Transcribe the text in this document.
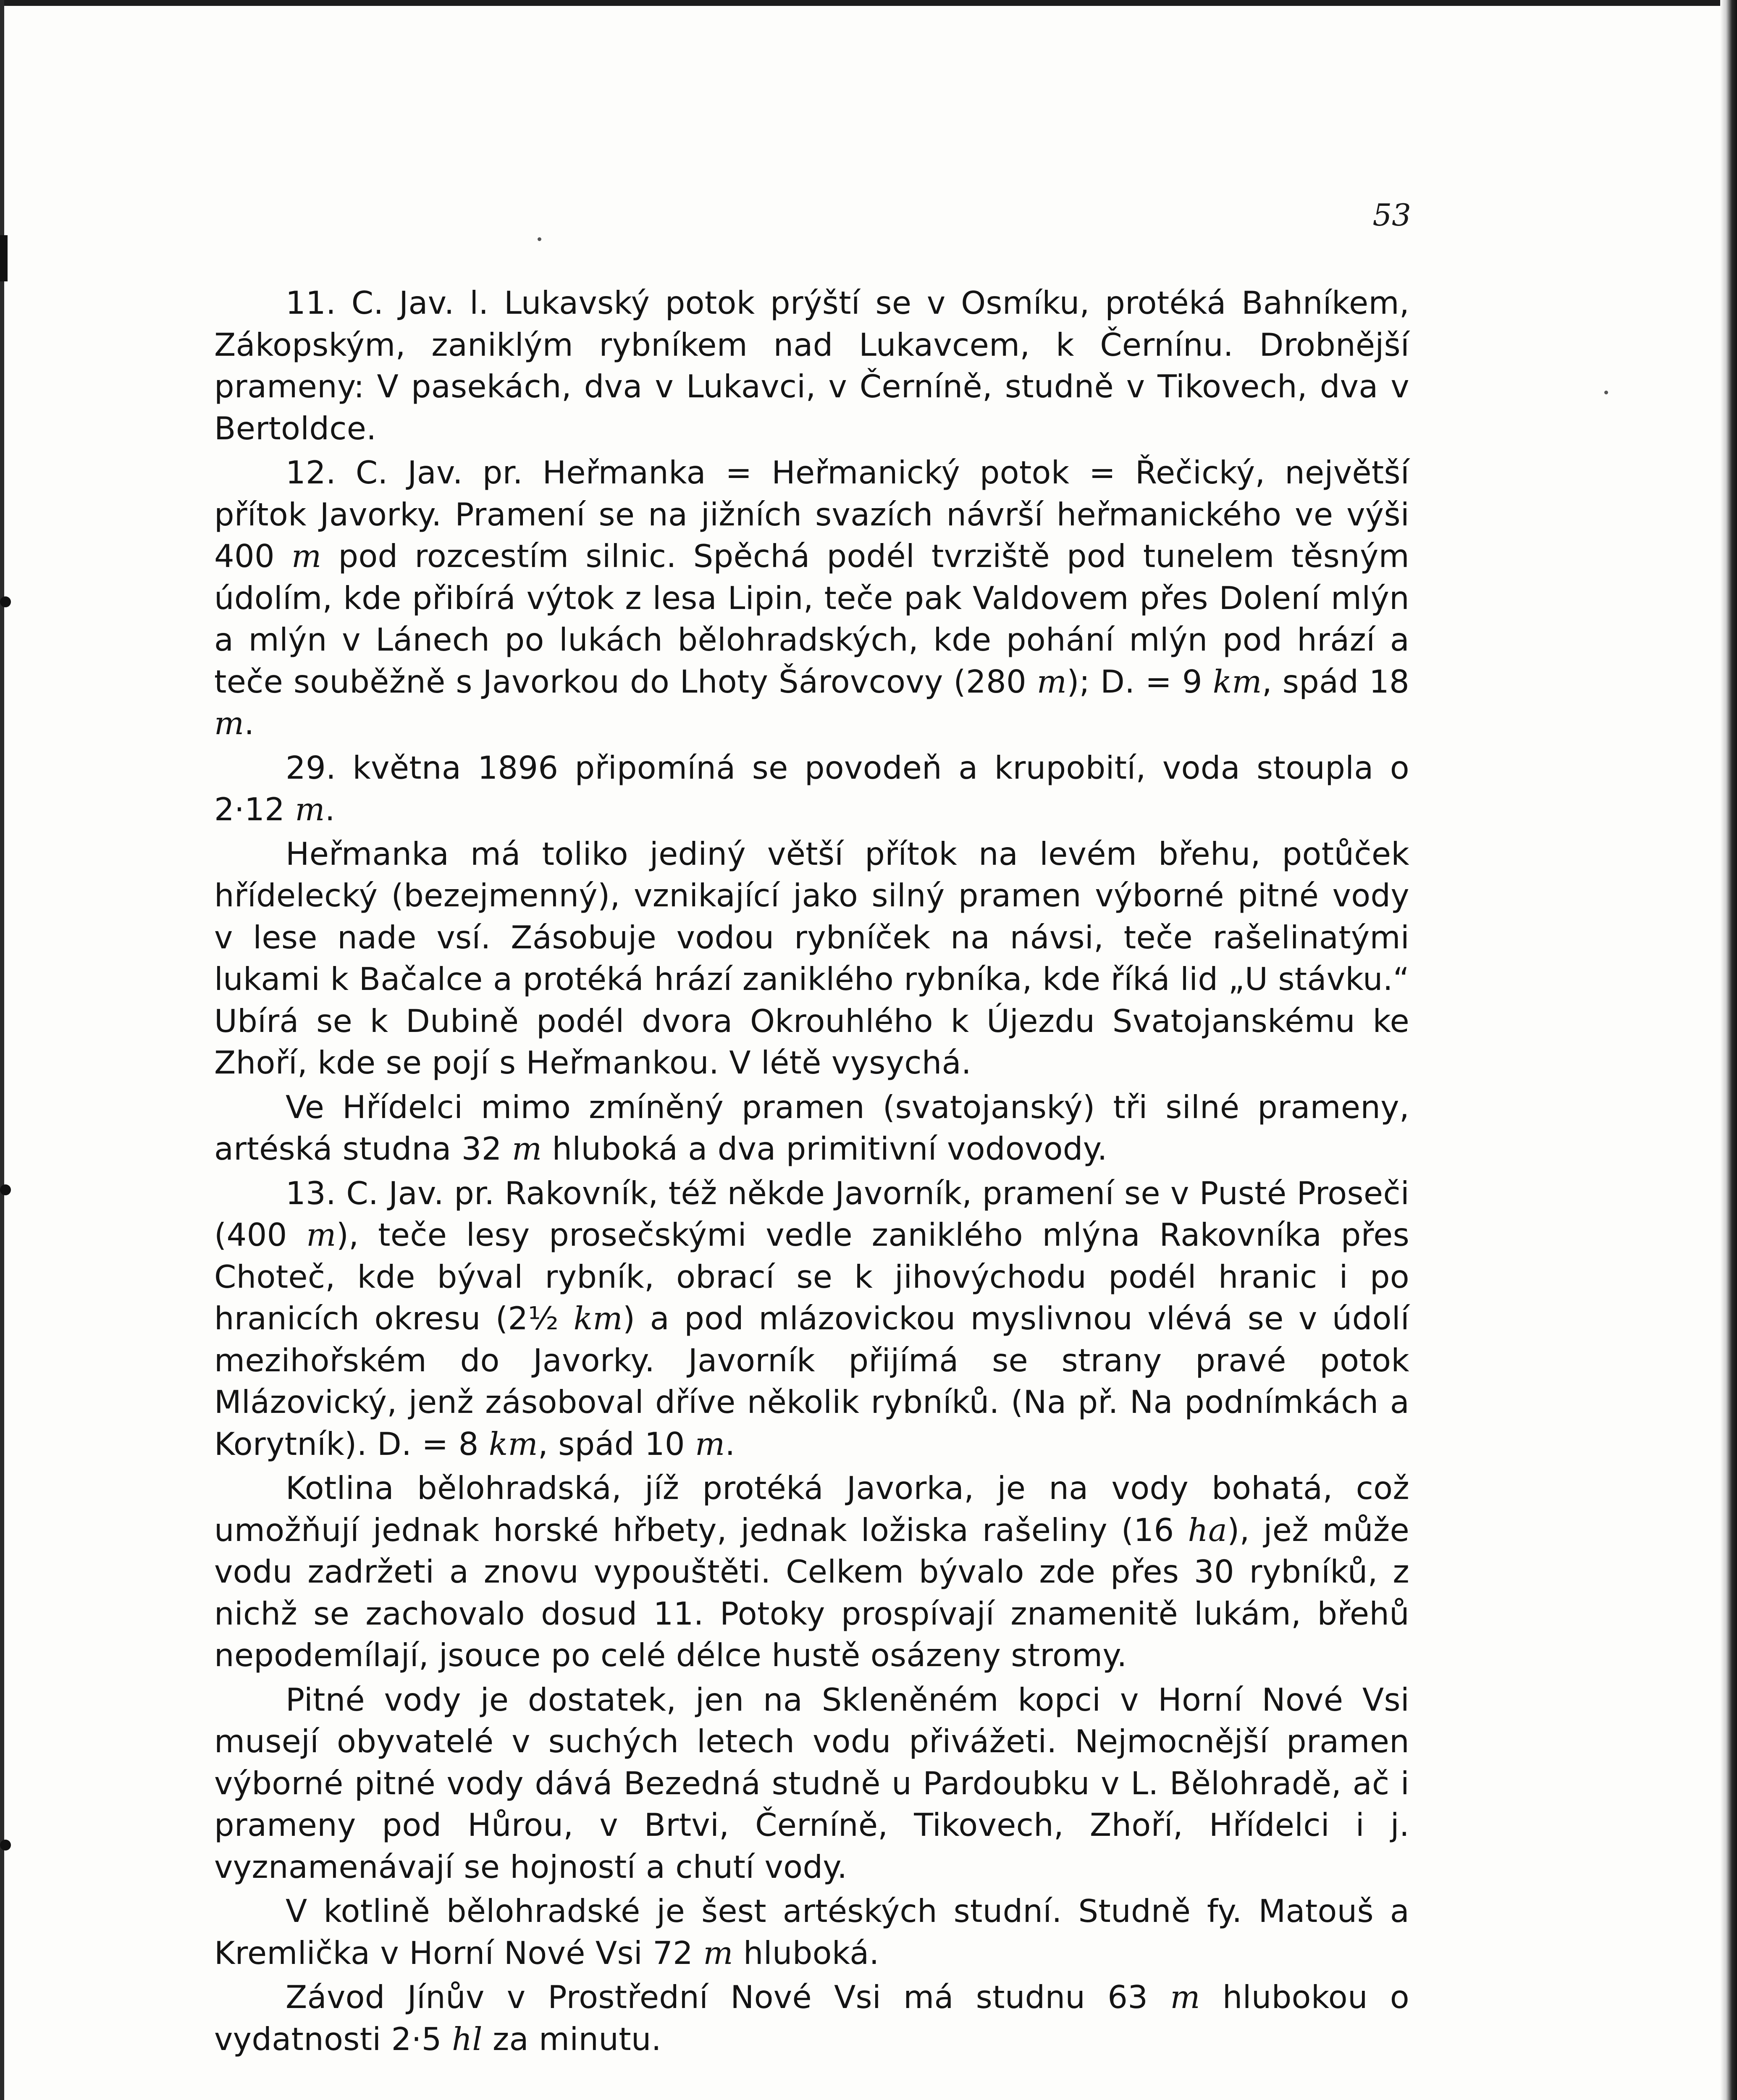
53

11. C. Jav. l. Lukavský potok prýští se v Osmíku, protéká Bahníkem, Zákopským, zaniklým rybníkem nad Lukavcem, k Černínu. Drobnější prameny: V pasekách, dva v Lukavci, v Černíně, studně v Tikovech, dva v Bertoldce.

12. C. Jav. pr. Heřmanka = Heřmanický potok = Řečický, největší přítok Javorky. Pramení se na jižních svazích návrší heřmanického ve výši 400 m pod rozcestím silnic. Spěchá podél tvrziště pod tunelem těsným údolím, kde přibírá výtok z lesa Lipin, teče pak Valdovem přes Dolení mlýn a mlýn v Lánech po lukách bělohradských, kde pohání mlýn pod hrází a teče souběžně s Javorkou do Lhoty Šárovcovy (280 m); D. = 9 km, spád 18 m.

29. května 1896 připomíná se povodeň a krupobití, voda stoupla o 2·12 m.

Heřmanka má toliko jediný větší přítok na levém břehu, potůček hřídelecký (bezejmenný), vznikající jako silný pramen výborné pitné vody v lese nade vsí. Zásobuje vodou rybníček na návsi, teče rašelinatými lukami k Bačalce a protéká hrází zaniklého rybníka, kde říká lid „U stávku.“ Ubírá se k Dubině podél dvora Okrouhlého k Újezdu Svatojanskému ke Zhoří, kde se pojí s Heřmankou. V létě vysychá.

Ve Hřídelci mimo zmíněný pramen (svatojanský) tři silné prameny, artéská studna 32 m hluboká a dva primitivní vodovody.

13. C. Jav. pr. Rakovník, též někde Javorník, pramení se v Pusté Proseči (400 m), teče lesy prosečskými vedle zaniklého mlýna Rakovníka přes Choteč, kde býval rybník, obrací se k jihovýchodu podél hranic i po hranicích okresu (2½ km) a pod mlázovickou myslivnou vlévá se v údolí mezihořském do Javorky. Javorník přijímá se strany pravé potok Mlázovický, jenž zásoboval dříve několik rybníků. (Na př. Na podnímkách a Korytník). D. = 8 km, spád 10 m.

Kotlina bělohradská, jíž protéká Javorka, je na vody bohatá, což umožňují jednak horské hřbety, jednak ložiska rašeliny (16 ha), jež může vodu zadržeti a znovu vypouštěti. Celkem bývalo zde přes 30 rybníků, z nichž se zachovalo dosud 11. Potoky prospívají znamenitě lukám, břehů nepodemílají, jsouce po celé délce hustě osázeny stromy.

Pitné vody je dostatek, jen na Skleněném kopci v Horní Nové Vsi musejí obyvatelé v suchých letech vodu přivážeti. Nejmocnější pramen výborné pitné vody dává Bezedná studně u Pardoubku v L. Bělohradě, ač i prameny pod Hůrou, v Brtvi, Černíně, Tikovech, Zhoří, Hřídelci i j. vyznamenávají se hojností a chutí vody.

V kotlině bělohradské je šest artéských studní. Studně fy. Matouš a Kremlička v Horní Nové Vsi 72 m hluboká.

Závod Jínův v Prostřední Nové Vsi má studnu 63 m hlubokou o vydatnosti 2·5 hl za minutu.
